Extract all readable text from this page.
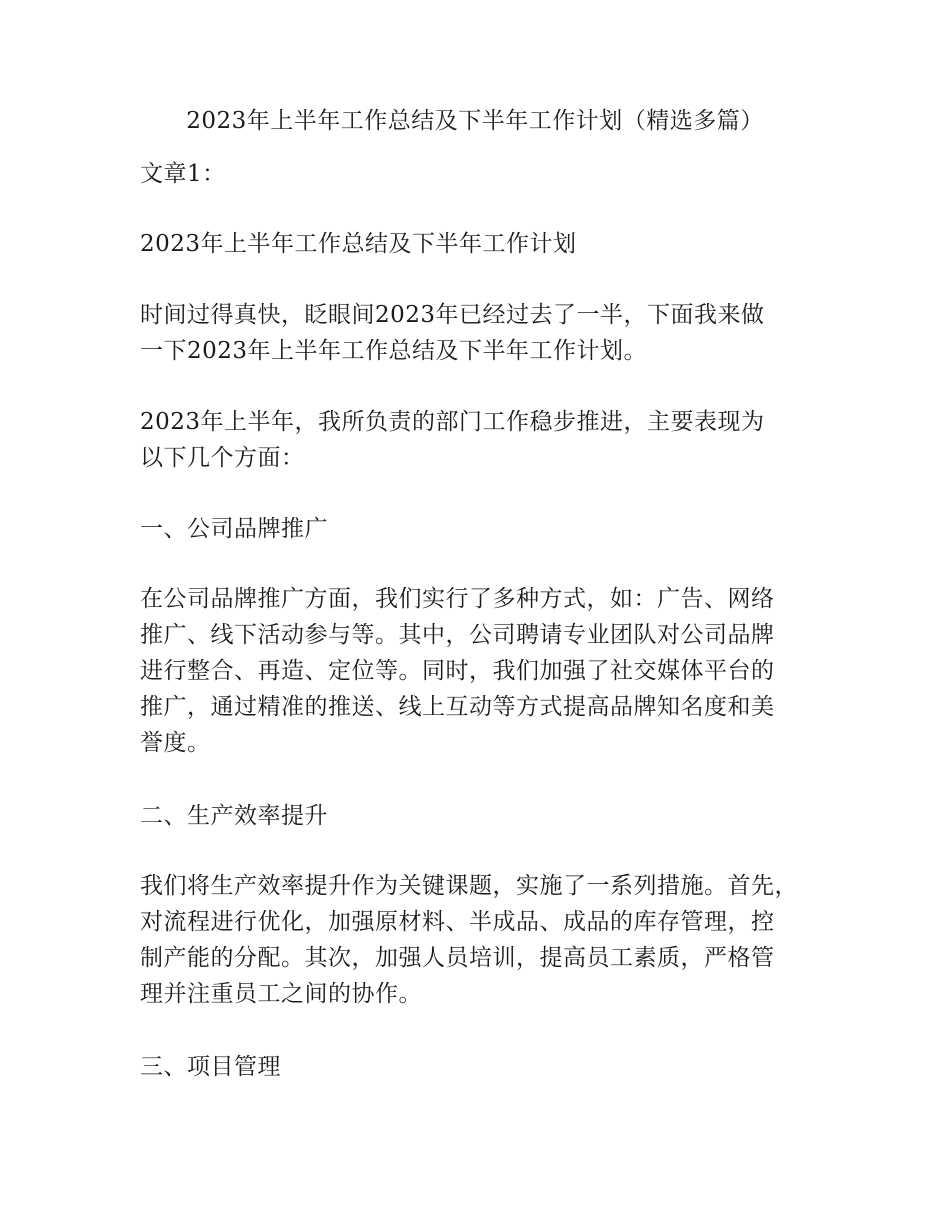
2023年上半年工作总结及下半年工作计划（精选多篇）

文章1：

2023年上半年工作总结及下半年工作计划

时间过得真快，眨眼间2023年已经过去了一半，下面我来做
一下2023年上半年工作总结及下半年工作计划。

2023年上半年，我所负责的部门工作稳步推进，主要表现为
以下几个方面：

一、公司品牌推广

在公司品牌推广方面，我们实行了多种方式，如：广告、网络
推广、线下活动参与等。其中，公司聘请专业团队对公司品牌
进行整合、再造、定位等。同时，我们加强了社交媒体平台的
推广，通过精准的推送、线上互动等方式提高品牌知名度和美
誉度。

二、生产效率提升

我们将生产效率提升作为关键课题，实施了一系列措施。首先，
对流程进行优化，加强原材料、半成品、成品的库存管理，控
制产能的分配。其次，加强人员培训，提高员工素质，严格管
理并注重员工之间的协作。

三、项目管理
